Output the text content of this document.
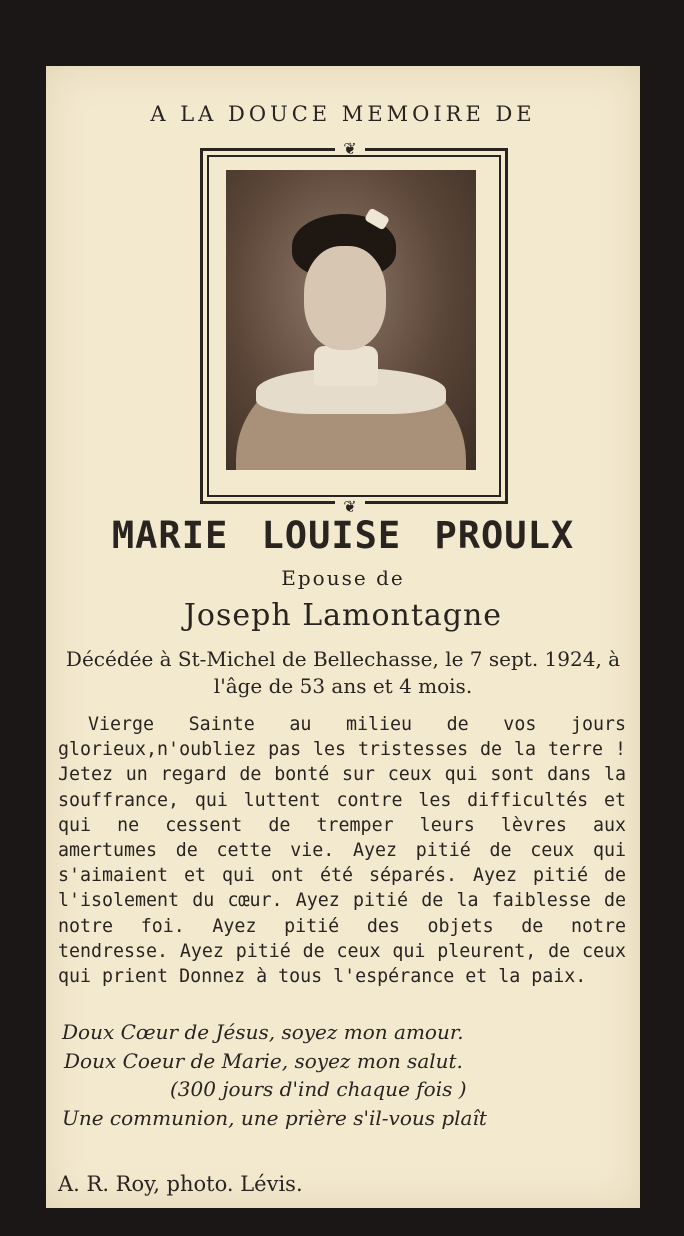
A LA DOUCE MEMOIRE DE
❦
❦
MARIE LOUISE PROULX
Epouse de
Joseph Lamontagne
Décédée à St-Michel de Bellechasse, le 7 sept. 1924, à l'âge de 53 ans et 4 mois.
Vierge Sainte au milieu de vos jours glorieux,n'oubliez pas les tristesses de la terre ! Jetez un regard de bonté sur ceux qui sont dans la souffrance, qui luttent contre les difficultés et qui ne cessent de tremper leurs lèvres aux amertumes de cette vie. Ayez pitié de ceux qui s'aimaient et qui ont été séparés. Ayez pitié de l'isolement du cœur. Ayez pitié de la faiblesse de notre foi. Ayez pitié des objets de notre tendresse. Ayez pitié de ceux qui pleurent, de ceux qui prient Donnez à tous l'espérance et la paix.
Doux Cœur de Jésus, soyez mon amour.
Doux Coeur de Marie, soyez mon salut.
(300 jours d'ind chaque fois )
Une communion, une prière s'il-vous plaît
A. R. Roy, photo. Lévis.
